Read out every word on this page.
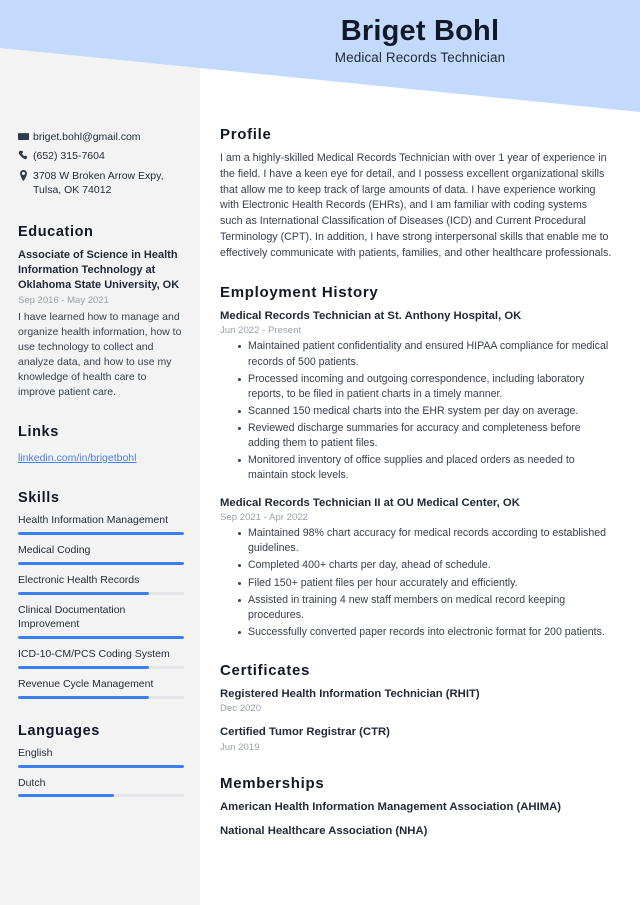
Briget Bohl
Medical Records Technician
briget.bohl@gmail.com
(652) 315-7604
3708 W Broken Arrow Expy, Tulsa, OK 74012
Education
Associate of Science in Health Information Technology at Oklahoma State University, OK
Sep 2016 - May 2021
I have learned how to manage and organize health information, how to use technology to collect and analyze data, and how to use my knowledge of health care to improve patient care.
Links
linkedin.com/in/brigetbohl
Skills
Health Information Management
Medical Coding
Electronic Health Records
Clinical Documentation Improvement
ICD-10-CM/PCS Coding System
Revenue Cycle Management
Languages
English
Dutch
Profile
I am a highly-skilled Medical Records Technician with over 1 year of experience in the field. I have a keen eye for detail, and I possess excellent organizational skills that allow me to keep track of large amounts of data. I have experience working with Electronic Health Records (EHRs), and I am familiar with coding systems such as International Classification of Diseases (ICD) and Current Procedural Terminology (CPT). In addition, I have strong interpersonal skills that enable me to effectively communicate with patients, families, and other healthcare professionals.
Employment History
Medical Records Technician at St. Anthony Hospital, OK
Jun 2022 - Present
Maintained patient confidentiality and ensured HIPAA compliance for medical records of 500 patients.
Processed incoming and outgoing correspondence, including laboratory reports, to be filed in patient charts in a timely manner.
Scanned 150 medical charts into the EHR system per day on average.
Reviewed discharge summaries for accuracy and completeness before adding them to patient files.
Monitored inventory of office supplies and placed orders as needed to maintain stock levels.
Medical Records Technician II at OU Medical Center, OK
Sep 2021 - Apr 2022
Maintained 98% chart accuracy for medical records according to established guidelines.
Completed 400+ charts per day, ahead of schedule.
Filed 150+ patient files per hour accurately and efficiently.
Assisted in training 4 new staff members on medical record keeping procedures.
Successfully converted paper records into electronic format for 200 patients.
Certificates
Registered Health Information Technician (RHIT)
Dec 2020
Certified Tumor Registrar (CTR)
Jun 2019
Memberships
American Health Information Management Association (AHIMA)
National Healthcare Association (NHA)
